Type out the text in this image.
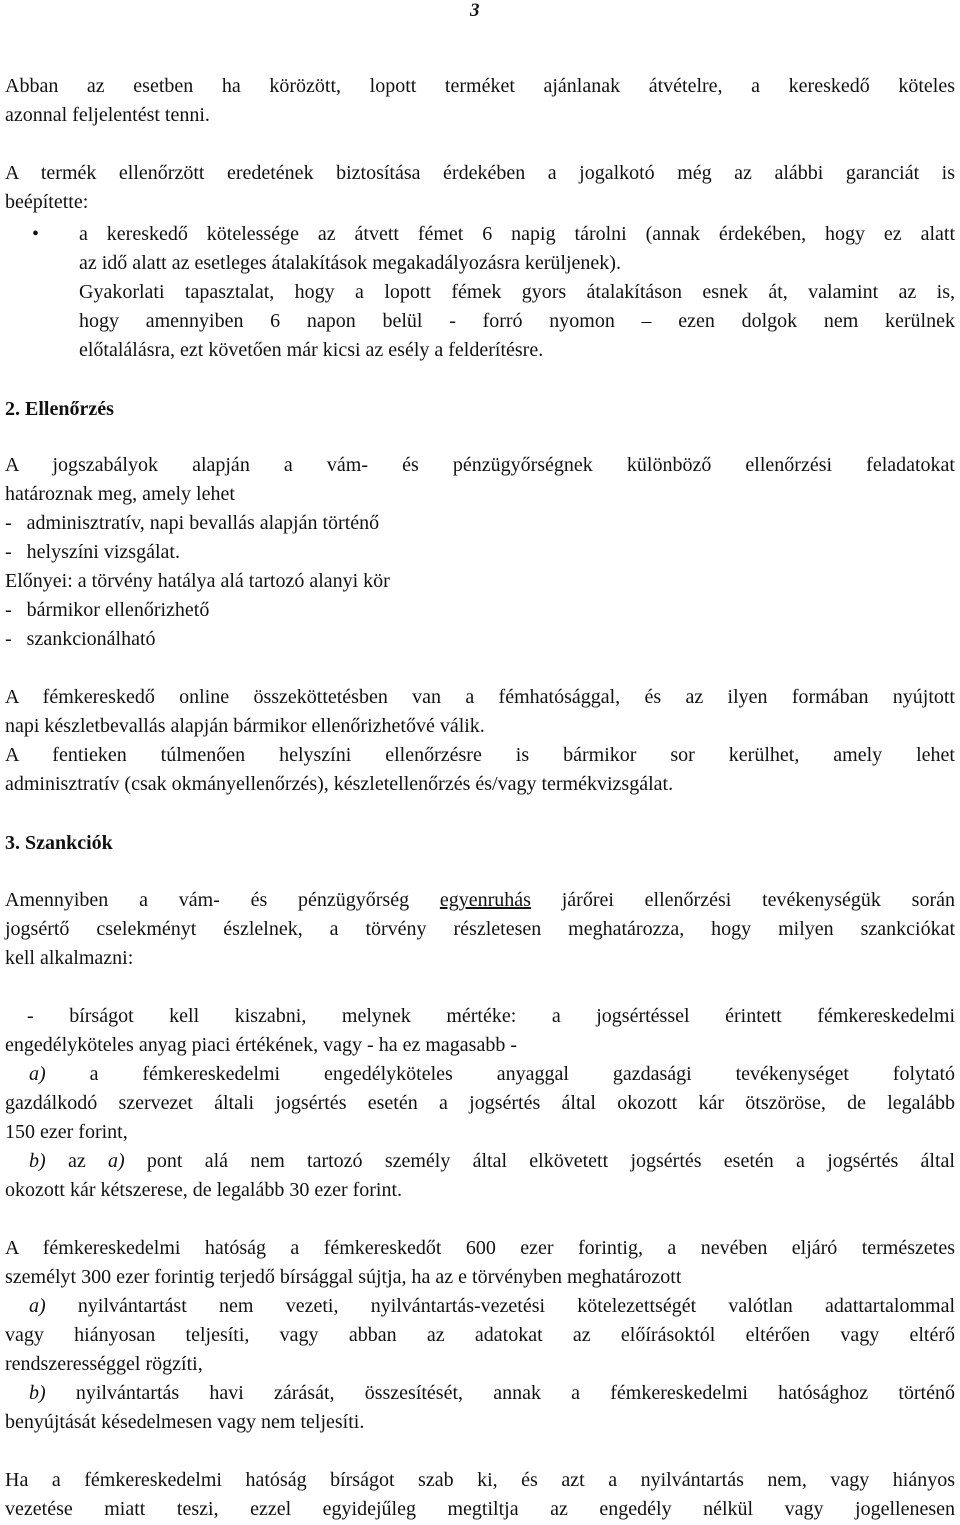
3
Abban az esetben ha körözött, lopott terméket ajánlanak átvételre, a kereskedő köteles
azonnal feljelentést tenni.
A termék ellenőrzött eredetének biztosítása érdekében a jogalkotó még az alábbi garanciát is
beépítette:
• a kereskedő kötelessége az átvett fémet 6 napig tárolni (annak érdekében, hogy ez alatt
az idő alatt az esetleges átalakítások megakadályozásra kerüljenek).
Gyakorlati tapasztalat, hogy a lopott fémek gyors átalakításon esnek át, valamint az is,
hogy amennyiben 6 napon belül - forró nyomon – ezen dolgok nem kerülnek
előtalálásra, ezt követően már kicsi az esély a felderítésre.
2. Ellenőrzés
A jogszabályok alapján a vám- és pénzügyőrségnek különböző ellenőrzési feladatokat
határoznak meg, amely lehet
-   adminisztratív, napi bevallás alapján történő
-   helyszíni vizsgálat.
Előnyei: a törvény hatálya alá tartozó alanyi kör
-   bármikor ellenőrizhető
-   szankcionálható
A fémkereskedő online összeköttetésben van a fémhatósággal, és az ilyen formában nyújtott
napi készletbevallás alapján bármikor ellenőrizhetővé válik.
A fentieken túlmenően helyszíni ellenőrzésre is bármikor sor kerülhet, amely lehet
adminisztratív (csak okmányellenőrzés), készletellenőrzés és/vagy termékvizsgálat.
3. Szankciók
Amennyiben a vám- és pénzügyőrség egyenruhás járőrei ellenőrzési tevékenységük során
jogsértő cselekményt észlelnek, a törvény részletesen meghatározza, hogy milyen szankciókat
kell alkalmazni:
- bírságot kell kiszabni, melynek mértéke: a jogsértéssel érintett fémkereskedelmi
engedélyköteles anyag piaci értékének, vagy - ha ez magasabb -
a) a fémkereskedelmi engedélyköteles anyaggal gazdasági tevékenységet folytató
gazdálkodó szervezet általi jogsértés esetén a jogsértés által okozott kár ötszöröse, de legalább
150 ezer forint,
b) az a) pont alá nem tartozó személy által elkövetett jogsértés esetén a jogsértés által
okozott kár kétszerese, de legalább 30 ezer forint.
A fémkereskedelmi hatóság a fémkereskedőt 600 ezer forintig, a nevében eljáró természetes
személyt 300 ezer forintig terjedő bírsággal sújtja, ha az e törvényben meghatározott
a) nyilvántartást nem vezeti, nyilvántartás-vezetési kötelezettségét valótlan adattartalommal
vagy hiányosan teljesíti, vagy abban az adatokat az előírásoktól eltérően vagy eltérő
rendszerességgel rögzíti,
b) nyilvántartás havi zárását, összesítését, annak a fémkereskedelmi hatósághoz történő
benyújtását késedelmesen vagy nem teljesíti.
Ha a fémkereskedelmi hatóság bírságot szab ki, és azt a nyilvántartás nem, vagy hiányos
vezetése miatt teszi, ezzel egyidejűleg megtiltja az engedély nélkül vagy jogellenesen
